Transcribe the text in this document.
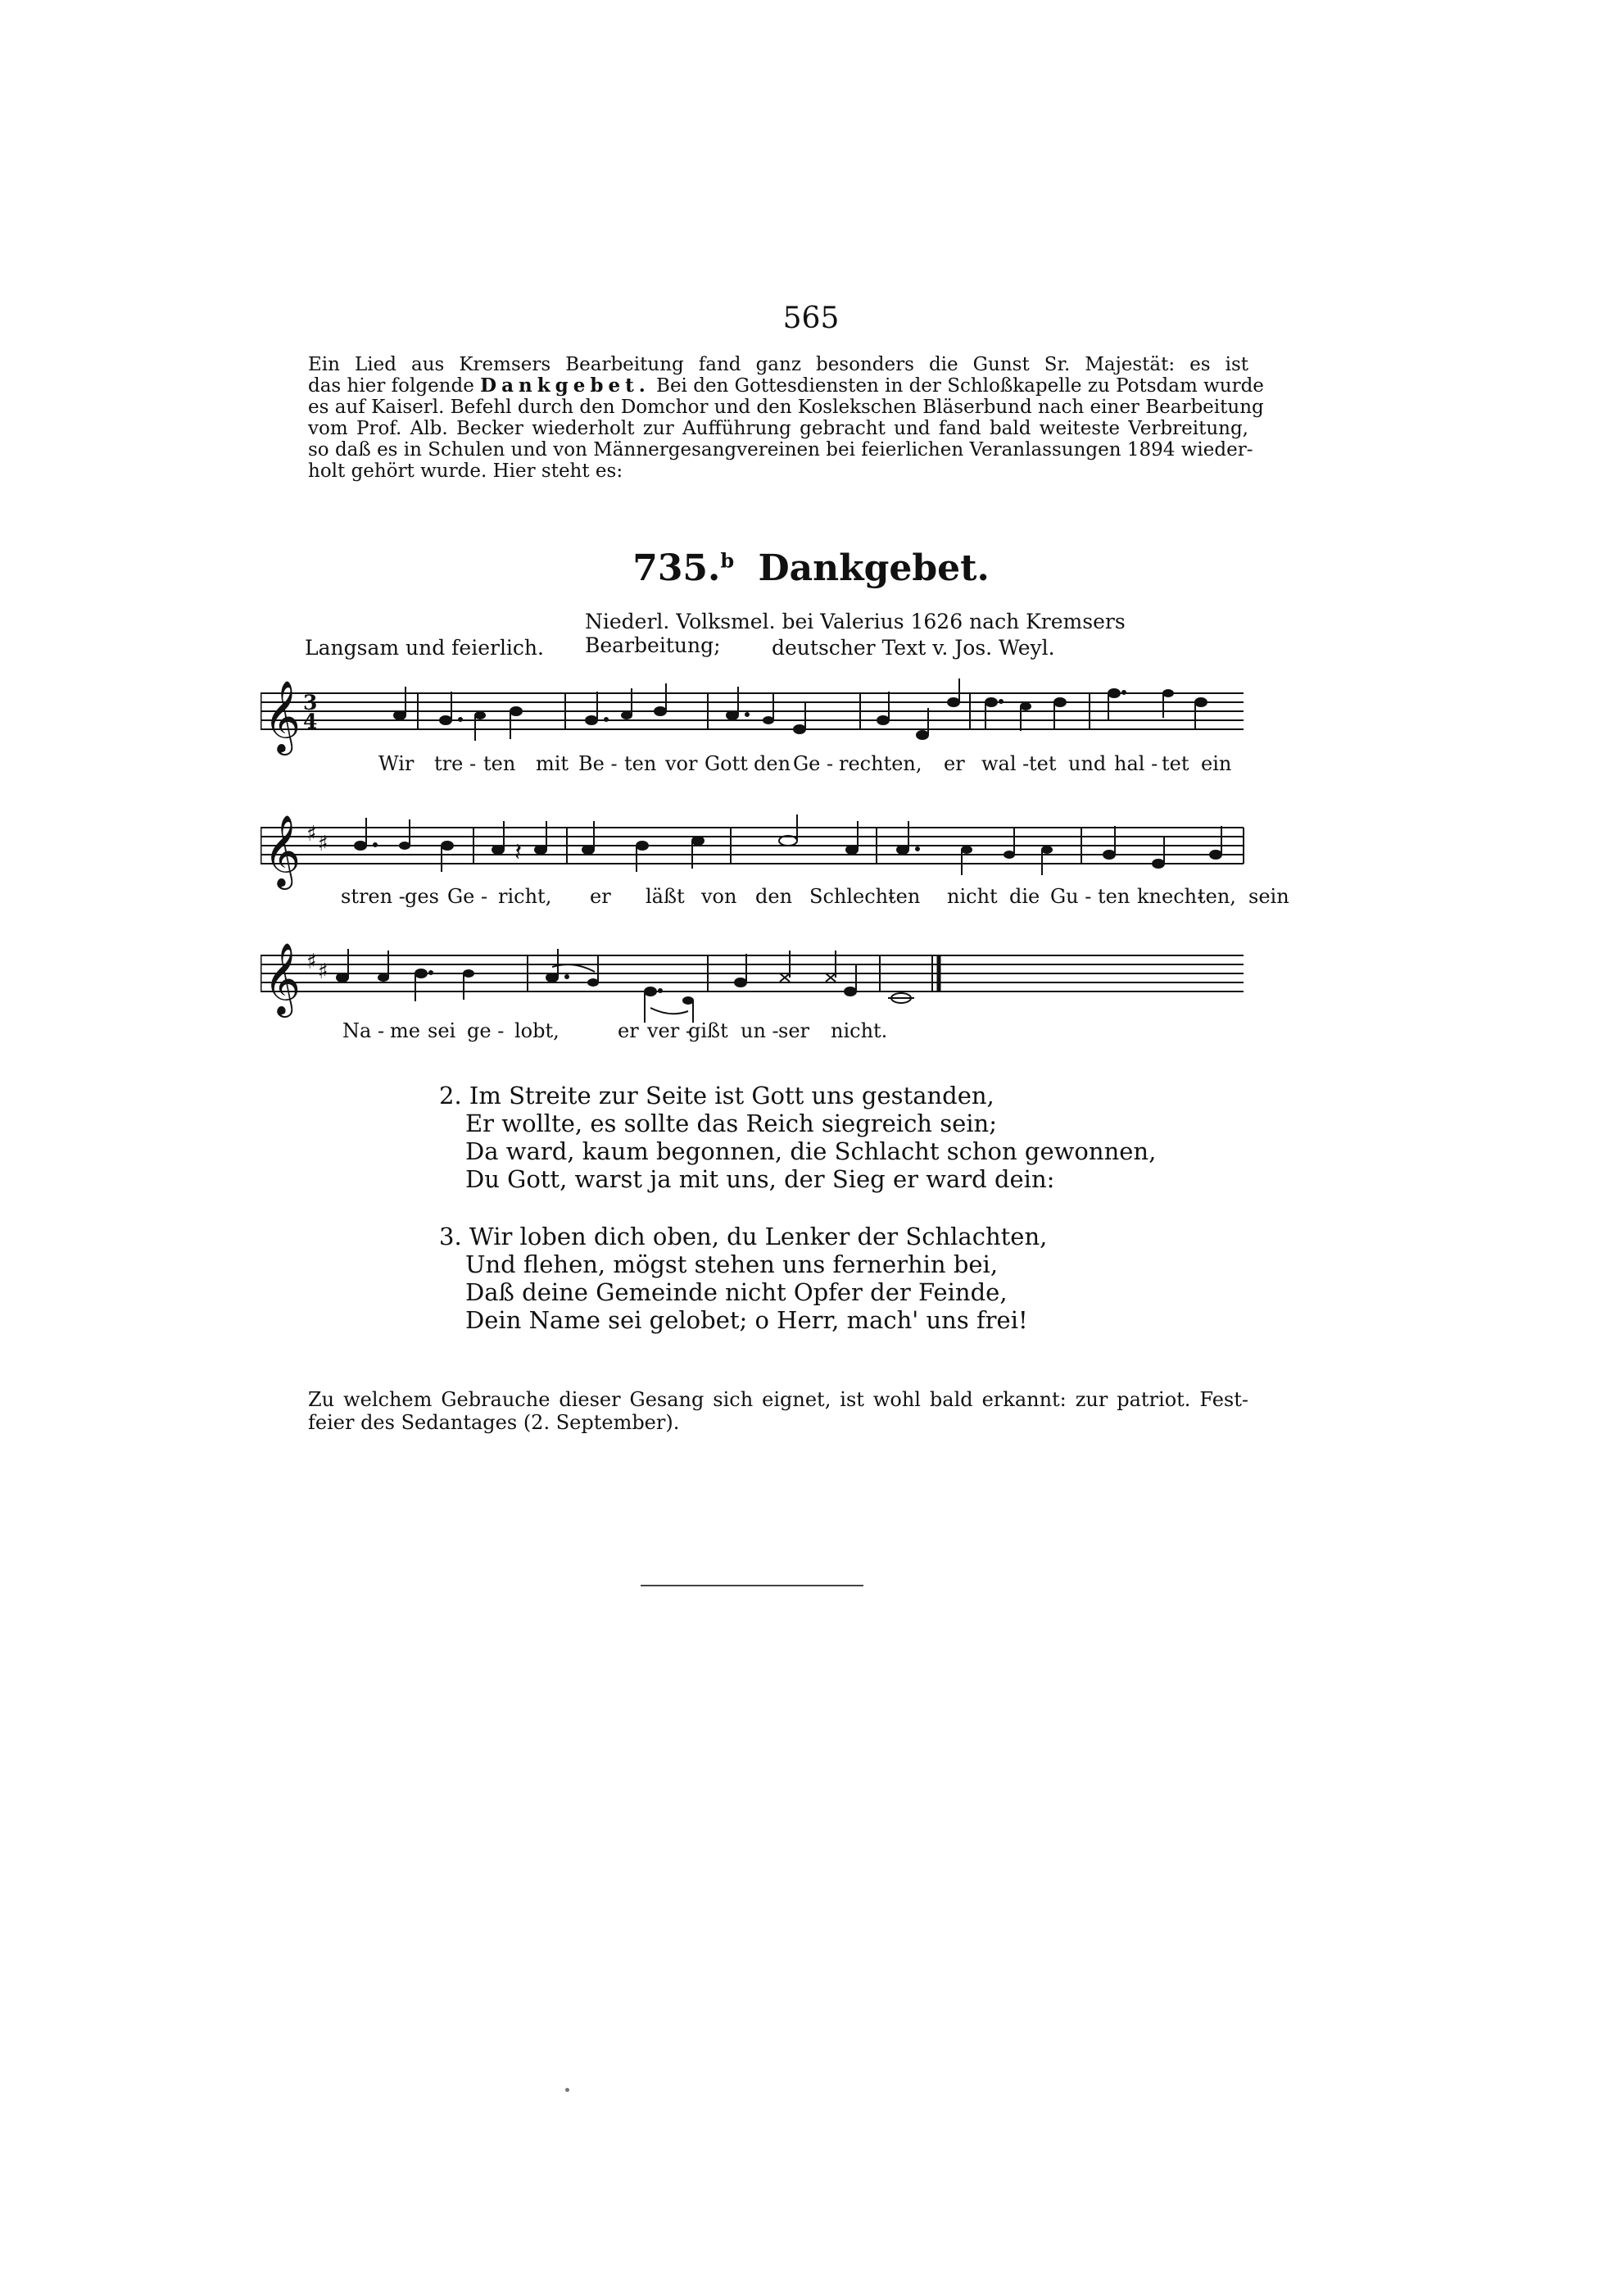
565
Ein Lied aus Kremsers Bearbeitung fand ganz besonders die Gunst Sr. Majestät: es ist
das hier folgende Dankgebet. Bei den Gottesdiensten in der Schloßkapelle zu Potsdam wurde
es auf Kaiserl. Befehl durch den Domchor und den Koslekschen Bläserbund nach einer Bearbeitung
vom Prof. Alb. Becker wiederholt zur Aufführung gebracht und fand bald weiteste Verbreitung,
so daß es in Schulen und von Männergesangvereinen bei feierlichen Veranlassungen 1894 wieder-
holt gehört wurde. Hier steht es:
735.$^b$ Dankgebet.
Niederl. Volksmel. bei Valerius 1626 nach Kremsers Bearbeitung;
Langsam und feierlich.	deutscher Text v. Jos. Weyl.
𝄞 3
4
Wir tre - ten mit Be - ten vor Gott den Ge - rechten, er wal -tet und hal - tet ein
𝄞 ♯ ♯	𝄽
stren -ges Ge - richt, er läßt von den Schlech-ten nicht die Gu - ten knech-ten, sein
𝄞 ♯ ♯
Na - me sei ge - lobt,	er ver -gißt un -ser nicht.
2. Im Streite zur Seite ist Gott uns gestanden,
Er wollte, es sollte das Reich siegreich sein;
Da ward, kaum begonnen, die Schlacht schon gewonnen,
Du Gott, warst ja mit uns, der Sieg er ward dein:
3. Wir loben dich oben, du Lenker der Schlachten,
Und flehen, mögst stehen uns fernerhin bei,
Daß deine Gemeinde nicht Opfer der Feinde,
Dein Name sei gelobet; o Herr, mach' uns frei!
Zu welchem Gebrauche dieser Gesang sich eignet, ist wohl bald erkannt: zur patriot. Fest-
feier des Sedantages (2. September).
